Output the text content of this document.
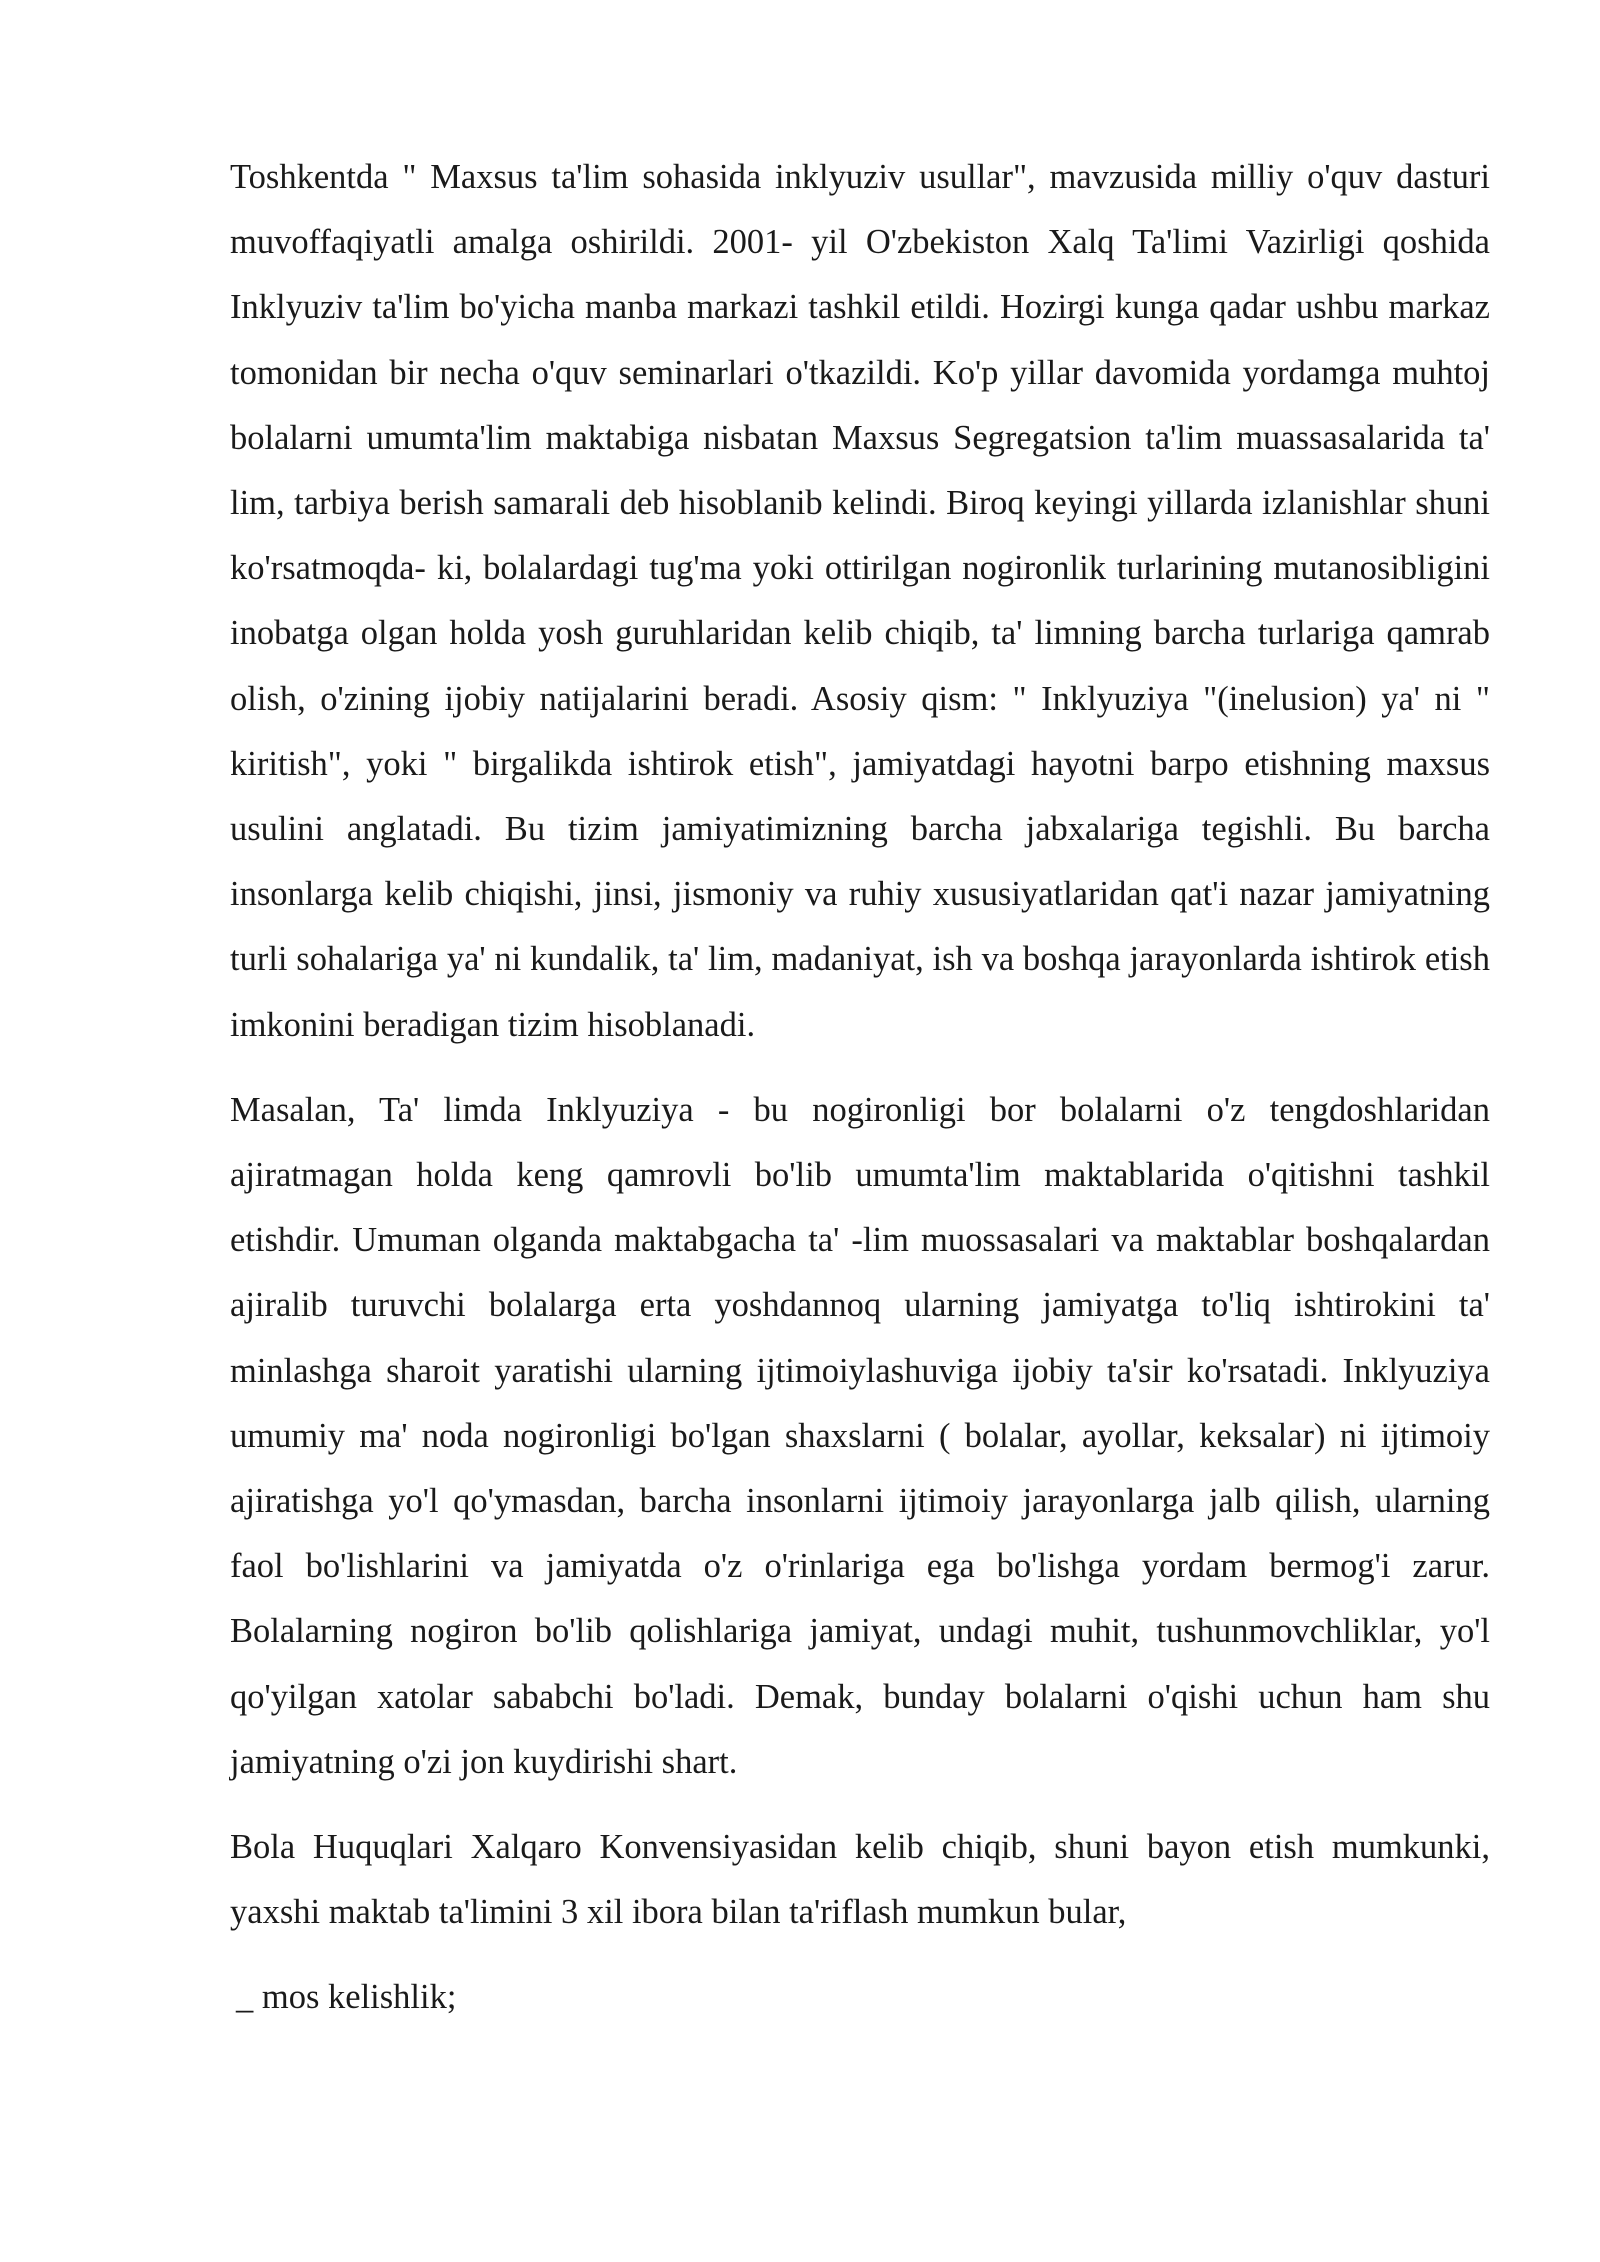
Toshkentda " Maxsus ta'lim sohasida inklyuziv usullar", mavzusida milliy o'quv dasturi muvoffaqiyatli amalga oshirildi. 2001- yil O'zbekiston Xalq Ta'limi Vazirligi qoshida Inklyuziv ta'lim bo'yicha manba markazi tashkil etildi. Hozirgi kunga qadar ushbu markaz tomonidan bir necha o'quv seminarlari o'tkazildi. Ko'p yillar davomida yordamga muhtoj bolalarni umumta'lim maktabiga nisbatan Maxsus Segregatsion ta'lim muassasalarida ta' lim, tarbiya berish samarali deb hisoblanib kelindi. Biroq keyingi yillarda izlanishlar shuni ko'rsatmoqda- ki, bolalardagi tug'ma yoki ottirilgan nogironlik turlarining mutanosibligini inobatga olgan holda yosh guruhlaridan kelib chiqib, ta' limning barcha turlariga qamrab olish, o'zining ijobiy natijalarini beradi. Asosiy qism: " Inklyuziya "(inelusion) ya' ni " kiritish", yoki " birgalikda ishtirok etish", jamiyatdagi hayotni barpo etishning maxsus usulini anglatadi. Bu tizim jamiyatimizning barcha jabxalariga tegishli. Bu barcha insonlarga kelib chiqishi, jinsi, jismoniy va ruhiy xususiyatlaridan qat'i nazar jamiyatning turli sohalariga ya' ni kundalik, ta' lim, madaniyat, ish va boshqa jarayonlarda ishtirok etish imkonini beradigan tizim hisoblanadi.

Masalan, Ta' limda Inklyuziya - bu nogironligi bor bolalarni o'z tengdoshlaridan ajiratmagan holda keng qamrovli bo'lib umumta'lim maktablarida o'qitishni tashkil etishdir. Umuman olganda maktabgacha ta' -lim muossasalari va maktablar boshqalardan ajiralib turuvchi bolalarga erta yoshdannoq ularning jamiyatga to'liq ishtirokini ta' minlashga sharoit yaratishi ularning ijtimoiylashuviga ijobiy ta'sir ko'rsatadi. Inklyuziya umumiy ma' noda nogironligi bo'lgan shaxslarni ( bolalar, ayollar, keksalar) ni ijtimoiy ajiratishga yo'l qo'ymasdan, barcha insonlarni ijtimoiy jarayonlarga jalb qilish, ularning faol bo'lishlarini va jamiyatda o'z o'rinlariga ega bo'lishga yordam bermog'i zarur. Bolalarning nogiron bo'lib qolishlariga jamiyat, undagi muhit, tushunmovchliklar, yo'l qo'yilgan xatolar sababchi bo'ladi. Demak, bunday bolalarni o'qishi uchun ham shu jamiyatning o'zi jon kuydirishi shart.

Bola Huquqlari Xalqaro Konvensiyasidan kelib chiqib, shuni bayon etish mumkunki, yaxshi maktab ta'limini 3 xil ibora bilan ta'riflash mumkun bular,

_ mos kelishlik;
